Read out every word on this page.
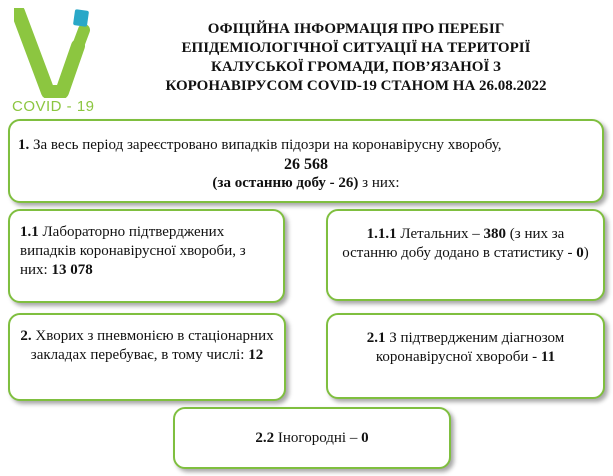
COVID - 19
ОФІЦІЙНА ІНФОРМАЦІЯ ПРО ПЕРЕБІГ
ЕПІДЕМІОЛОГІЧНОЇ СИТУАЦІЇ НА ТЕРИТОРІЇ
КАЛУСЬКОЇ ГРОМАДИ, ПОВ’ЯЗАНОЇ З
КОРОНАВІРУСОМ COVID-19 СТАНОМ НА 26.08.2022
1. За весь період зареєстровано випадків підозри на коронавірусну хворобу,
26 568
(за останню добу - 26) з них:
1.1 Лабораторно підтверджених випадків коронавірусної хвороби, з них: 13 078
1.1.1 Летальних – 380 (з них за останню добу додано в статистику - 0)
2. Хворих з пневмонією в стаціонарних закладах перебуває, в тому числі: 12
2.1 З підтвердженим діагнозом коронавірусної хвороби - 11
2.2 Іногородні – 0
